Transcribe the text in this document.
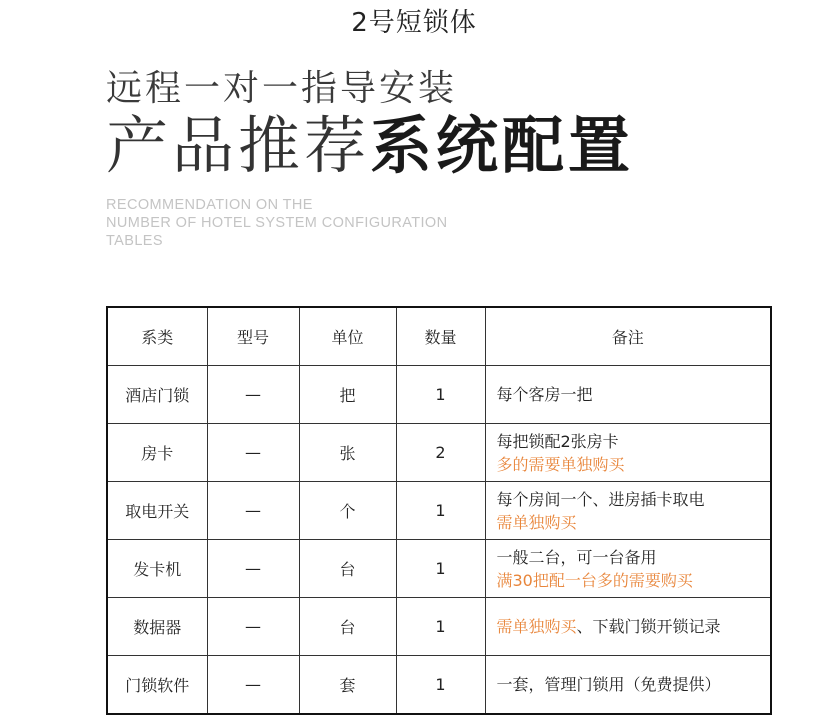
2号短锁体
远程一对一指导安装
产品推荐系统配置
RECOMMENDATION ON THE
NUMBER OF HOTEL SYSTEM CONFIGURATION
TABLES
系类	型号	单位	数量	备注
酒店门锁	—	把	1	每个客房一把

房卡	—	张	2	每把锁配2张房卡
多的需要单独购买

取电开关	—	个	1	每个房间一个、进房插卡取电
需单独购买

发卡机	—	台	1	一般二台，可一台备用
满30把配一台多的需要购买

数据器	—	台	1	需单独购买、下载门锁开锁记录
门锁软件	—	套	1	一套，管理门锁用（免费提供）
